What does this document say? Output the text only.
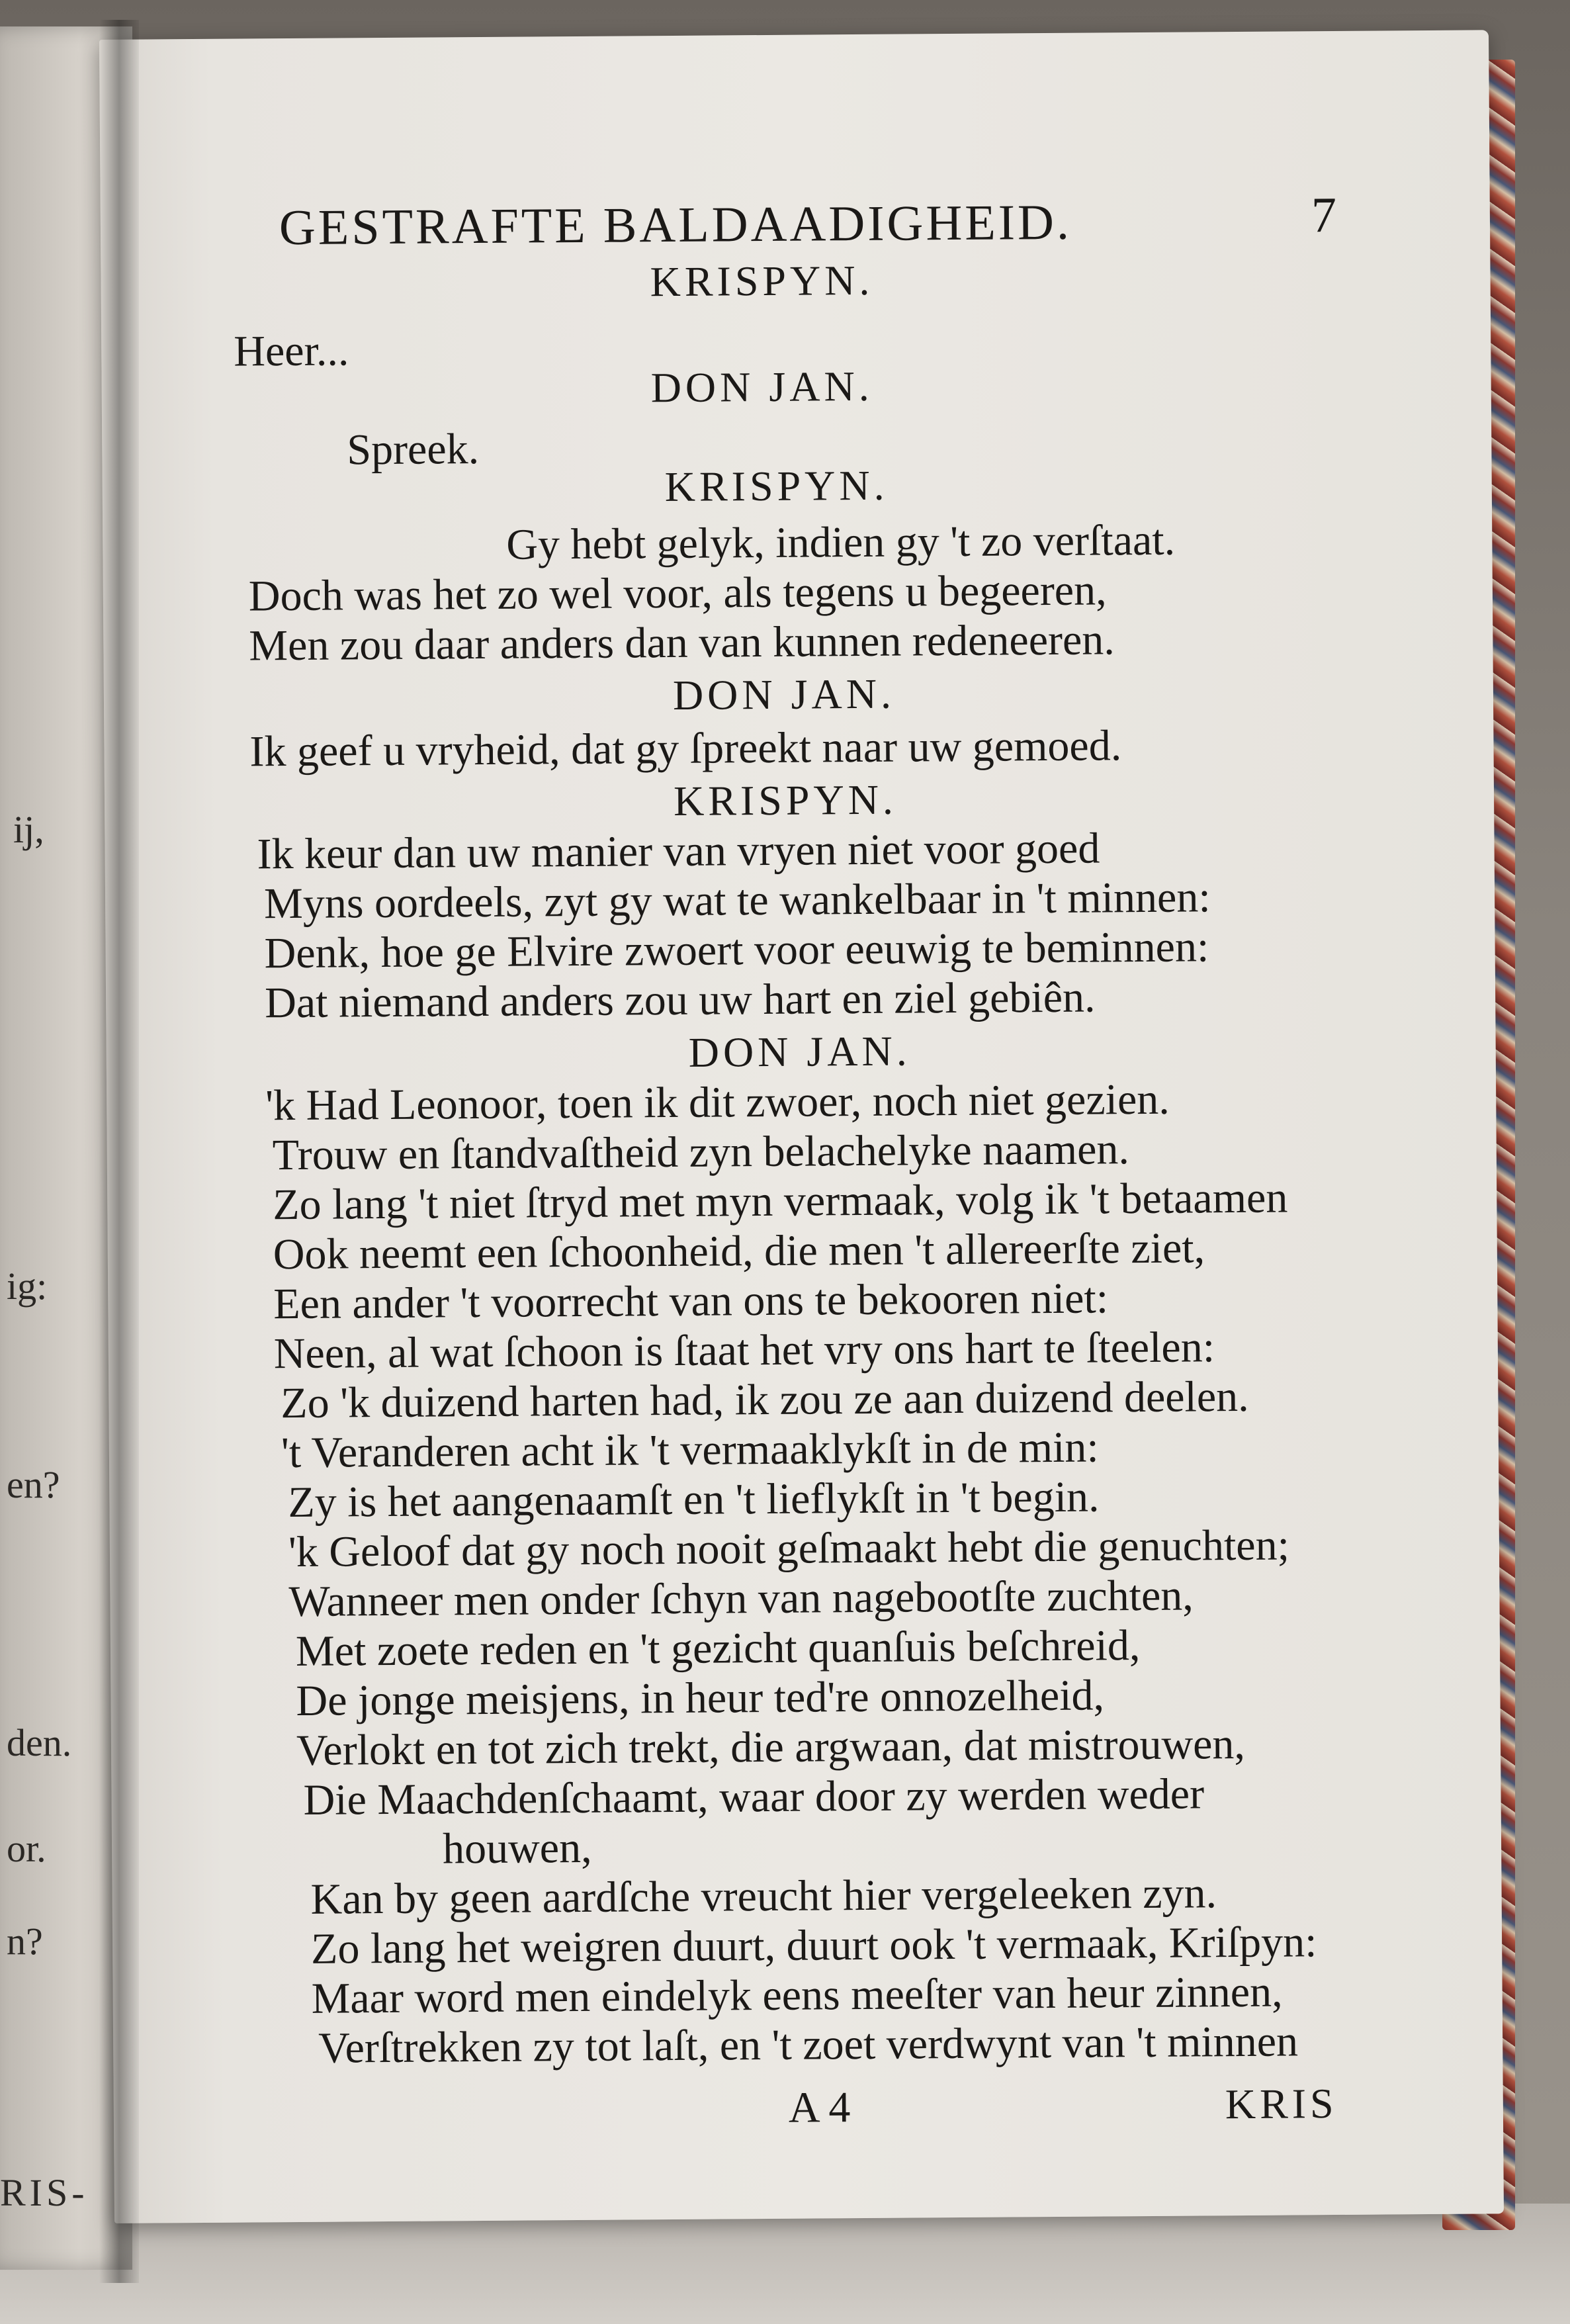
ij,
ig:
en?
den.
or.
n?
RIS-
GESTRAFTE BALDAADIGHEID.	7
KRISPYN.
Heer...
DON JAN.
Spreek.
KRISPYN.
Gy hebt gelyk, indien gy 't zo verſtaat.
Doch was het zo wel voor, als tegens u begeeren,
Men zou daar anders dan van kunnen redeneeren.
DON JAN.
Ik geef u vryheid, dat gy ſpreekt naar uw gemoed.
KRISPYN.
Ik keur dan uw manier van vryen niet voor goed
Myns oordeels, zyt gy wat te wankelbaar in 't minnen:
Denk, hoe ge Elvire zwoert voor eeuwig te beminnen:
Dat niemand anders zou uw hart en ziel gebiên.
DON JAN.
'k Had Leonoor, toen ik dit zwoer, noch niet gezien.
Trouw en ſtandvaſtheid zyn belachelyke naamen.
Zo lang 't niet ſtryd met myn vermaak, volg ik 't betaamen
Ook neemt een ſchoonheid, die men 't allereerſte ziet,
Een ander 't voorrecht van ons te bekooren niet:
Neen, al wat ſchoon is ſtaat het vry ons hart te ſteelen:
Zo 'k duizend harten had, ik zou ze aan duizend deelen.
't Veranderen acht ik 't vermaaklykſt in de min:
Zy is het aangenaamſt en 't lieflykſt in 't begin.
'k Geloof dat gy noch nooit geſmaakt hebt die genuchten;
Wanneer men onder ſchyn van nagebootſte zuchten,
Met zoete reden en 't gezicht quanſuis beſchreid,
De jonge meisjens, in heur ted're onnozelheid,
Verlokt en tot zich trekt, die argwaan, dat mistrouwen,
Die Maachdenſchaamt, waar door zy werden weder
houwen,
Kan by geen aardſche vreucht hier vergeleeken zyn.
Zo lang het weigren duurt, duurt ook 't vermaak, Kriſpyn:
Maar word men eindelyk eens meeſter van heur zinnen,
Verſtrekken zy tot laſt, en 't zoet verdwynt van 't minnen
A 4	KRIS
